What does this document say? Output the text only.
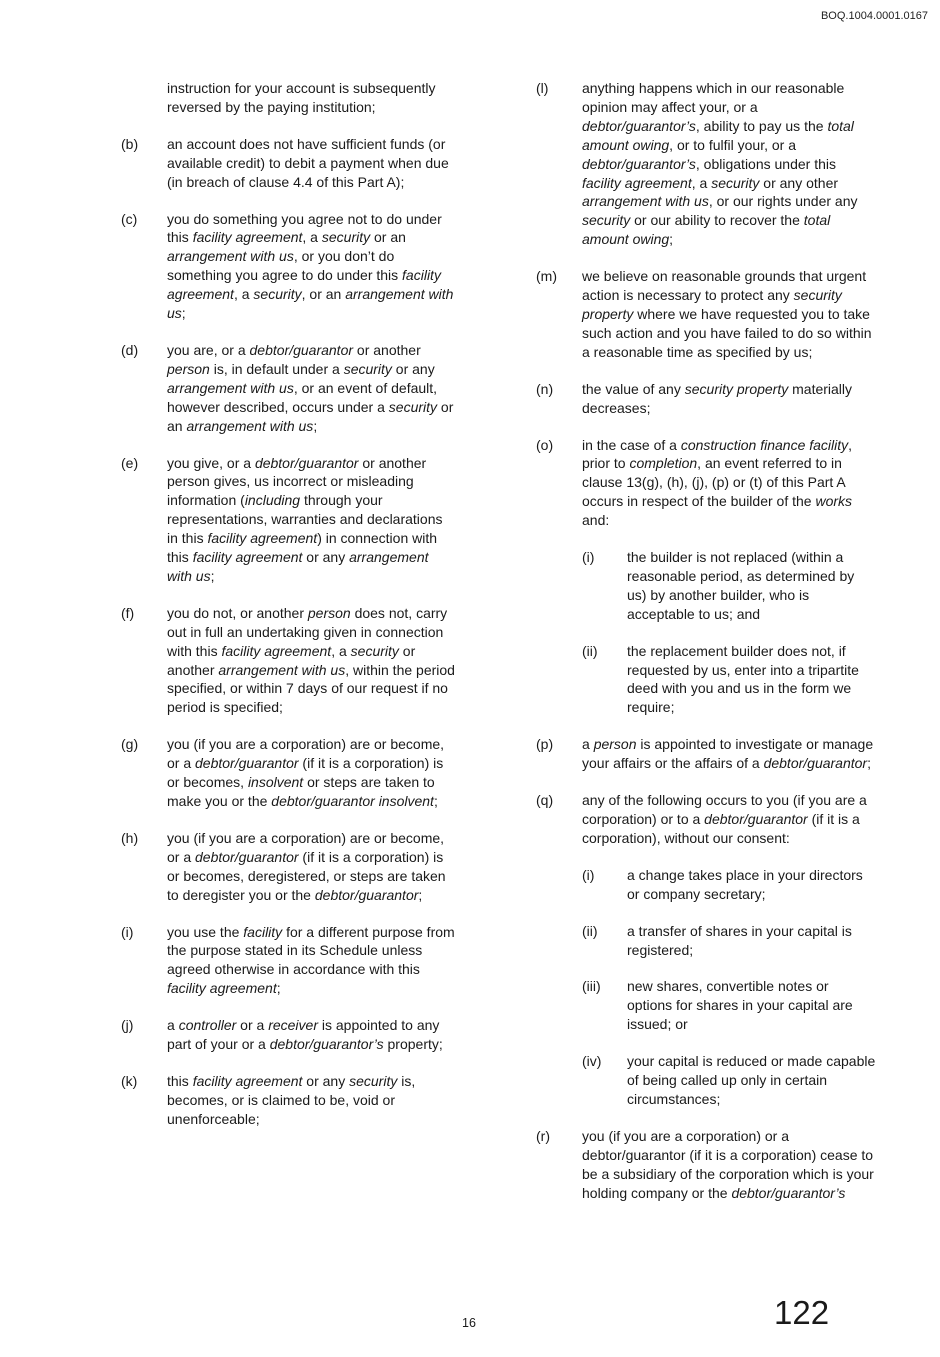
BOQ.1004.0001.0167
instruction for your account is subsequently reversed by the paying institution;
(b) an account does not have sufficient funds (or available credit) to debit a payment when due (in breach of clause 4.4 of this Part A);
(c) you do something you agree not to do under this facility agreement, a security or an arrangement with us, or you don’t do something you agree to do under this facility agreement, a security, or an arrangement with us;
(d) you are, or a debtor/guarantor or another person is, in default under a security or any arrangement with us, or an event of default, however described, occurs under a security or an arrangement with us;
(e) you give, or a debtor/guarantor or another person gives, us incorrect or misleading information (including through your representations, warranties and declarations in this facility agreement) in connection with this facility agreement or any arrangement with us;
(f) you do not, or another person does not, carry out in full an undertaking given in connection with this facility agreement, a security or another arrangement with us, within the period specified, or within 7 days of our request if no period is specified;
(g) you (if you are a corporation) are or become, or a debtor/guarantor (if it is a corporation) is or becomes, insolvent or steps are taken to make you or the debtor/guarantor insolvent;
(h) you (if you are a corporation) are or become, or a debtor/guarantor (if it is a corporation) is or becomes, deregistered, or steps are taken to deregister you or the debtor/guarantor;
(i) you use the facility for a different purpose from the purpose stated in its Schedule unless agreed otherwise in accordance with this facility agreement;
(j) a controller or a receiver is appointed to any part of your or a debtor/guarantor’s property;
(k) this facility agreement or any security is, becomes, or is claimed to be, void or unenforceable;
(l) anything happens which in our reasonable opinion may affect your, or a debtor/guarantor’s, ability to pay us the total amount owing, or to fulfil your, or a debtor/guarantor’s, obligations under this facility agreement, a security or any other arrangement with us, or our rights under any security or our ability to recover the total amount owing;
(m) we believe on reasonable grounds that urgent action is necessary to protect any security property where we have requested you to take such action and you have failed to do so within a reasonable time as specified by us;
(n) the value of any security property materially decreases;
(o) in the case of a construction finance facility, prior to completion, an event referred to in clause 13(g), (h), (j), (p) or (t) of this Part A occurs in respect of the builder of the works and:
(i) the builder is not replaced (within a reasonable period, as determined by us) by another builder, who is acceptable to us; and
(ii) the replacement builder does not, if requested by us, enter into a tripartite deed with you and us in the form we require;
(p) a person is appointed to investigate or manage your affairs or the affairs of a debtor/guarantor;
(q) any of the following occurs to you (if you are a corporation) or to a debtor/guarantor (if it is a corporation), without our consent:
(i) a change takes place in your directors or company secretary;
(ii) a transfer of shares in your capital is registered;
(iii) new shares, convertible notes or options for shares in your capital are issued; or
(iv) your capital is reduced or made capable of being called up only in certain circumstances;
(r) you (if you are a corporation) or a debtor/guarantor (if it is a corporation) cease to be a subsidiary of the corporation which is your holding company or the debtor/guarantor’s
16	122
